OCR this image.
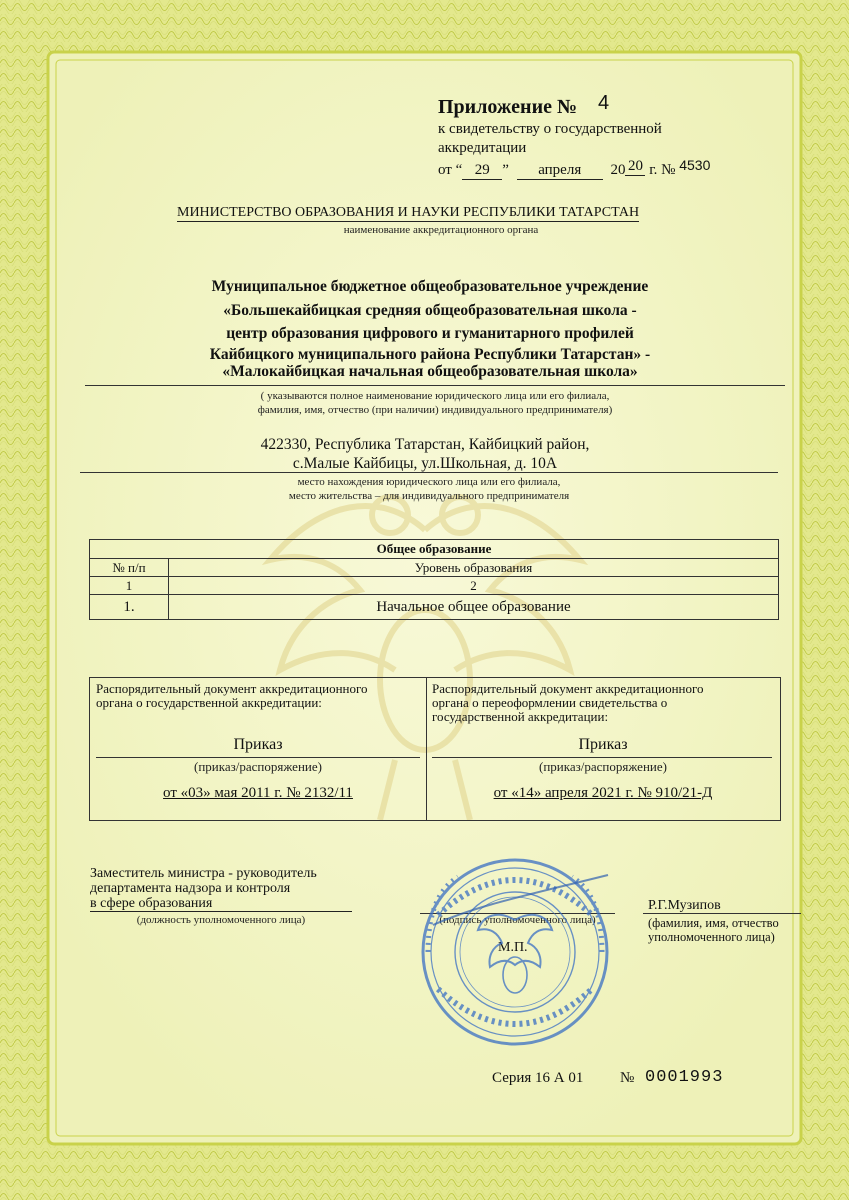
Приложение № 4
к свидетельству о государственной
аккредитации
от “ 29 ” апреля 20 20 г. № 4530
МИНИСТЕРСТВО ОБРАЗОВАНИЯ И НАУКИ РЕСПУБЛИКИ ТАТАРСТАН
наименование аккредитационного органа
Муниципальное бюджетное общеобразовательное учреждение
«Большекайбицкая средняя общеобразовательная школа -
центр образования цифрового и гуманитарного профилей
Кайбицкого муниципального района Республики Татарстан» -
«Малокайбицкая начальная общеобразовательная школа»
( указываются полное наименование юридического лица или его филиала,
фамилия, имя, отчество (при наличии) индивидуального предпринимателя)
422330, Республика Татарстан, Кайбицкий район,
с.Малые Кайбицы, ул.Школьная, д. 10А
место нахождения юридического лица или его филиала,
место жительства – для индивидуального предпринимателя
Общее образование	
№ п/п	Уровень образования
1	2
1.	Начальное общее образование
Распорядительный документ аккредитационного
органа о государственной аккредитации:
Приказ
(приказ/распоряжение)
от «03» мая 2011 г. № 2132/11
Распорядительный документ аккредитационного
органа о переоформлении свидетельства о
государственной аккредитации:
Приказ
(приказ/распоряжение)
от «14» апреля 2021 г. № 910/21-Д
Заместитель министра - руководитель
департамента надзора и контроля
в сфере образования
(должность уполномоченного лица)	(подпись уполномоченного лица)
М.П.
Р.Г.Музипов
(фамилия, имя, отчество
уполномоченного лица)
Серия 16 А 01 № 0001993
